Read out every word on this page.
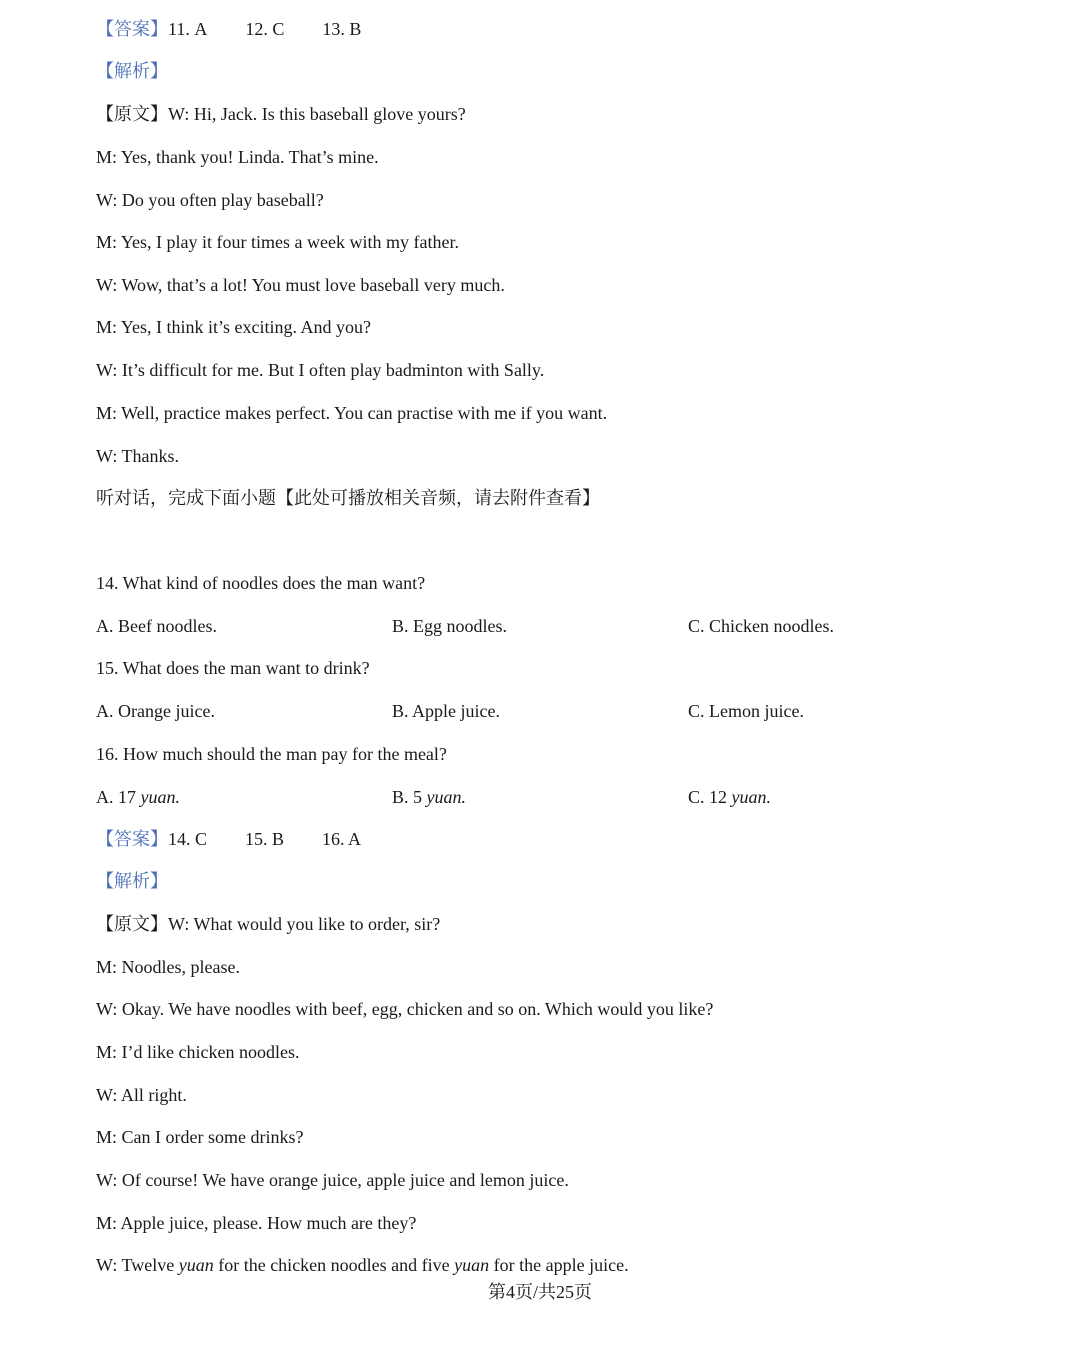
【答案】11. A 12. C 13. B
【解析】
【原文】W: Hi, Jack. Is this baseball glove yours?
M: Yes, thank you! Linda. That’s mine.
W: Do you often play baseball?
M: Yes, I play it four times a week with my father.
W: Wow, that’s a lot! You must love baseball very much.
M: Yes, I think it’s exciting. And you?
W: It’s difficult for me. But I often play badminton with Sally.
M: Well, practice makes perfect. You can practise with me if you want.
W: Thanks.
听对话，完成下面小题【此处可播放相关音频，请去附件查看】
14. What kind of noodles does the man want?
A. Beef noodles.	B. Egg noodles.	C. Chicken noodles.
15. What does the man want to drink?
A. Orange juice.	B. Apple juice.	C. Lemon juice.
16. How much should the man pay for the meal?
A. 17 yuan.	B. 5 yuan.	C. 12 yuan.
【答案】14. C 15. B 16. A
【解析】
【原文】W: What would you like to order, sir?
M: Noodles, please.
W: Okay. We have noodles with beef, egg, chicken and so on. Which would you like?
M: I’d like chicken noodles.
W: All right.
M: Can I order some drinks?
W: Of course! We have orange juice, apple juice and lemon juice.
M: Apple juice, please. How much are they?
W: Twelve yuan for the chicken noodles and five yuan for the apple juice.
第4页/共25页
